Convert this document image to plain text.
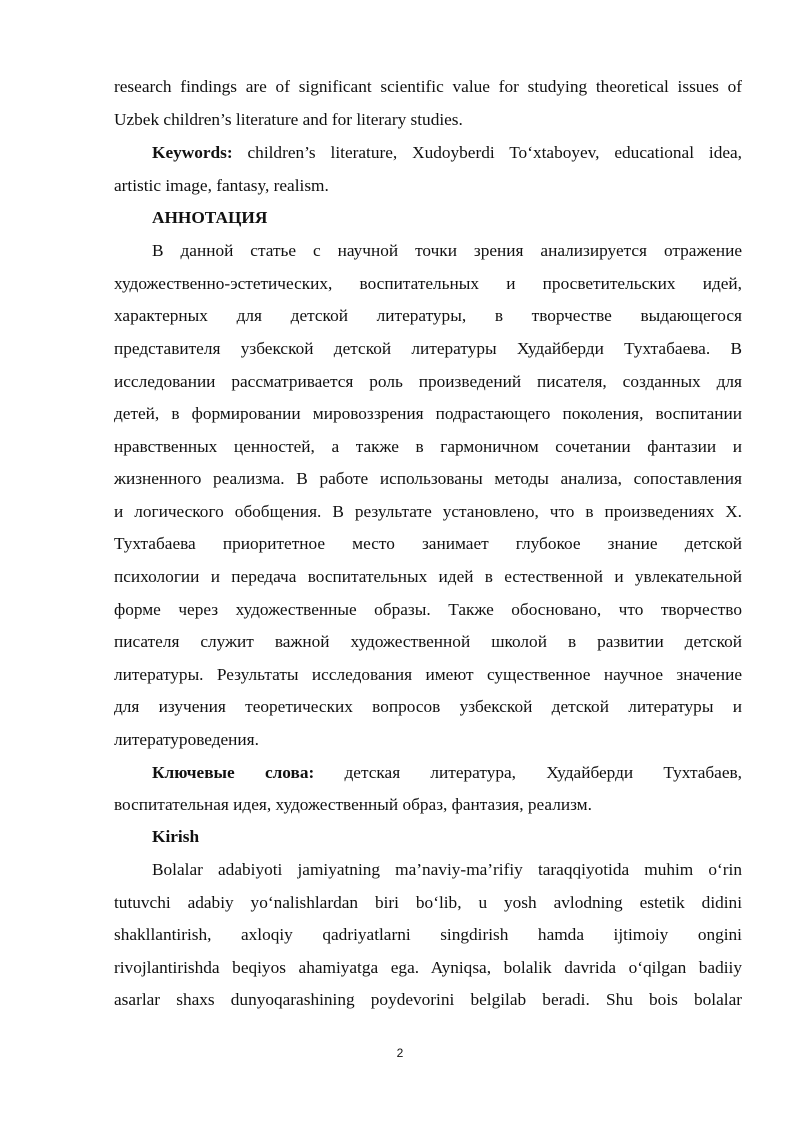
research findings are of significant scientific value for studying theoretical issues of

Uzbek children’s literature and for literary studies.

Keywords: children’s literature, Xudoyberdi To‘xtaboyev, educational idea,

artistic image, fantasy, realism.

АННОТАЦИЯ

В данной статье с научной точки зрения анализируется отражение

художественно-эстетических, воспитательных и просветительских идей,

характерных для детской литературы, в творчестве выдающегося

представителя узбекской детской литературы Худайберди Тухтабаева. В

исследовании рассматривается роль произведений писателя, созданных для

детей, в формировании мировоззрения подрастающего поколения, воспитании

нравственных ценностей, а также в гармоничном сочетании фантазии и

жизненного реализма. В работе использованы методы анализа, сопоставления

и логического обобщения. В результате установлено, что в произведениях Х.

Тухтабаева приоритетное место занимает глубокое знание детской

психологии и передача воспитательных идей в естественной и увлекательной

форме через художественные образы. Также обосновано, что творчество

писателя служит важной художественной школой в развитии детской

литературы. Результаты исследования имеют существенное научное значение

для изучения теоретических вопросов узбекской детской литературы и

литературоведения.

Ключевые слова: детская литература, Худайберди Тухтабаев,

воспитательная идея, художественный образ, фантазия, реализм.

Kirish

Bolalar adabiyoti jamiyatning ma’naviy-ma’rifiy taraqqiyotida muhim o‘rin

tutuvchi adabiy yo‘nalishlardan biri bo‘lib, u yosh avlodning estetik didini

shakllantirish, axloqiy qadriyatlarni singdirish hamda ijtimoiy ongini

rivojlantirishda beqiyos ahamiyatga ega. Ayniqsa, bolalik davrida o‘qilgan badiiy

asarlar shaxs dunyoqarashining poydevorini belgilab beradi. Shu bois bolalar

2
